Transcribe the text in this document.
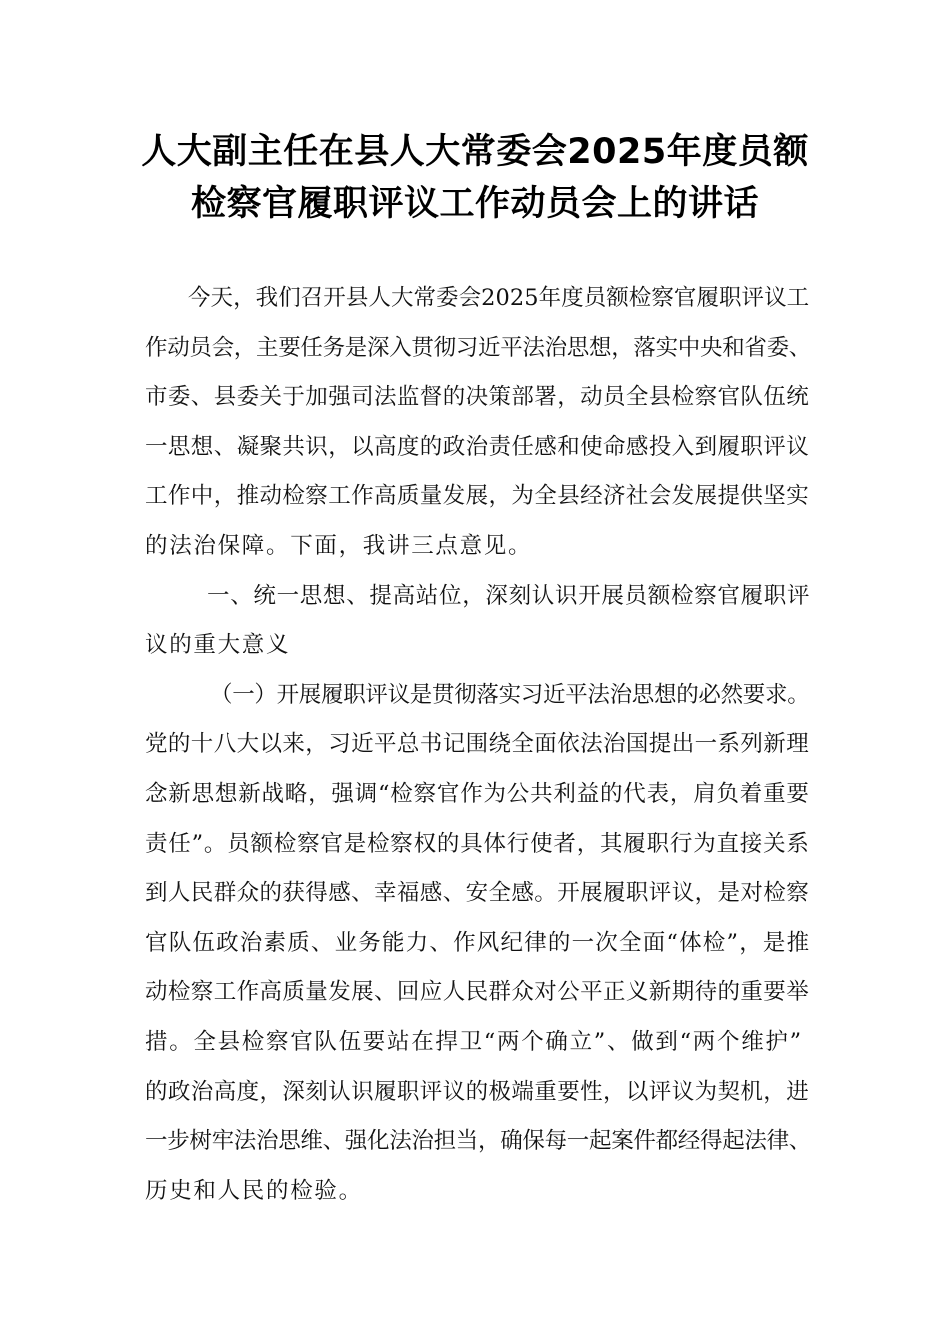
人大副主任在县人大常委会2025年度员额
检察官履职评议工作动员会上的讲话
今天，我们召开县人大常委会2025年度员额检察官履职评议工
作动员会，主要任务是深入贯彻习近平法治思想，落实中央和省委、
市委、县委关于加强司法监督的决策部署，动员全县检察官队伍统
一思想、凝聚共识，以高度的政治责任感和使命感投入到履职评议
工作中，推动检察工作高质量发展，为全县经济社会发展提供坚实
的法治保障。下面，我讲三点意见。
一、统一思想、提高站位，深刻认识开展员额检察官履职评
议的重大意义
（一）开展履职评议是贯彻落实习近平法治思想的必然要求。
党的十八大以来，习近平总书记围绕全面依法治国提出一系列新理
念新思想新战略，强调“检察官作为公共利益的代表，肩负着重要
责任”。员额检察官是检察权的具体行使者，其履职行为直接关系
到人民群众的获得感、幸福感、安全感。开展履职评议，是对检察
官队伍政治素质、业务能力、作风纪律的一次全面“体检”，是推
动检察工作高质量发展、回应人民群众对公平正义新期待的重要举
措。全县检察官队伍要站在捍卫“两个确立”、做到“两个维护”
的政治高度，深刻认识履职评议的极端重要性，以评议为契机，进
一步树牢法治思维、强化法治担当，确保每一起案件都经得起法律、
历史和人民的检验。
